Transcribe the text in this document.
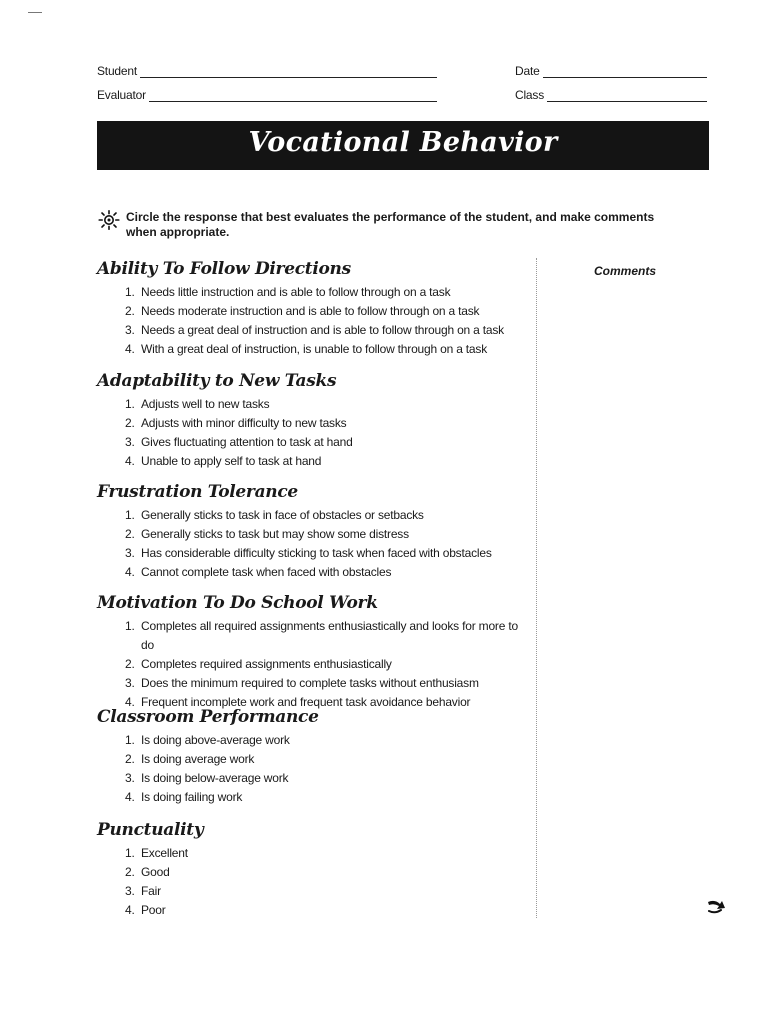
Student
Evaluator
Date
Class
Vocational Behavior
Circle the response that best evaluates the performance of the student, and make comments when appropriate.
Comments
Ability To Follow Directions
1. Needs little instruction and is able to follow through on a task
2. Needs moderate instruction and is able to follow through on a task
3. Needs a great deal of instruction and is able to follow through on a task
4. With a great deal of instruction, is unable to follow through on a task
Adaptability to New Tasks
1. Adjusts well to new tasks
2. Adjusts with minor difficulty to new tasks
3. Gives fluctuating attention to task at hand
4. Unable to apply self to task at hand
Frustration Tolerance
1. Generally sticks to task in face of obstacles or setbacks
2. Generally sticks to task but may show some distress
3. Has considerable difficulty sticking to task when faced with obstacles
4. Cannot complete task when faced with obstacles
Motivation To Do School Work
1. Completes all required assignments enthusiastically and looks for more to do
2. Completes required assignments enthusiastically
3. Does the minimum required to complete tasks without enthusiasm
4. Frequent incomplete work and frequent task avoidance behavior
Classroom Performance
1. Is doing above-average work
2. Is doing average work
3. Is doing below-average work
4. Is doing failing work
Punctuality
1. Excellent
2. Good
3. Fair
4. Poor
